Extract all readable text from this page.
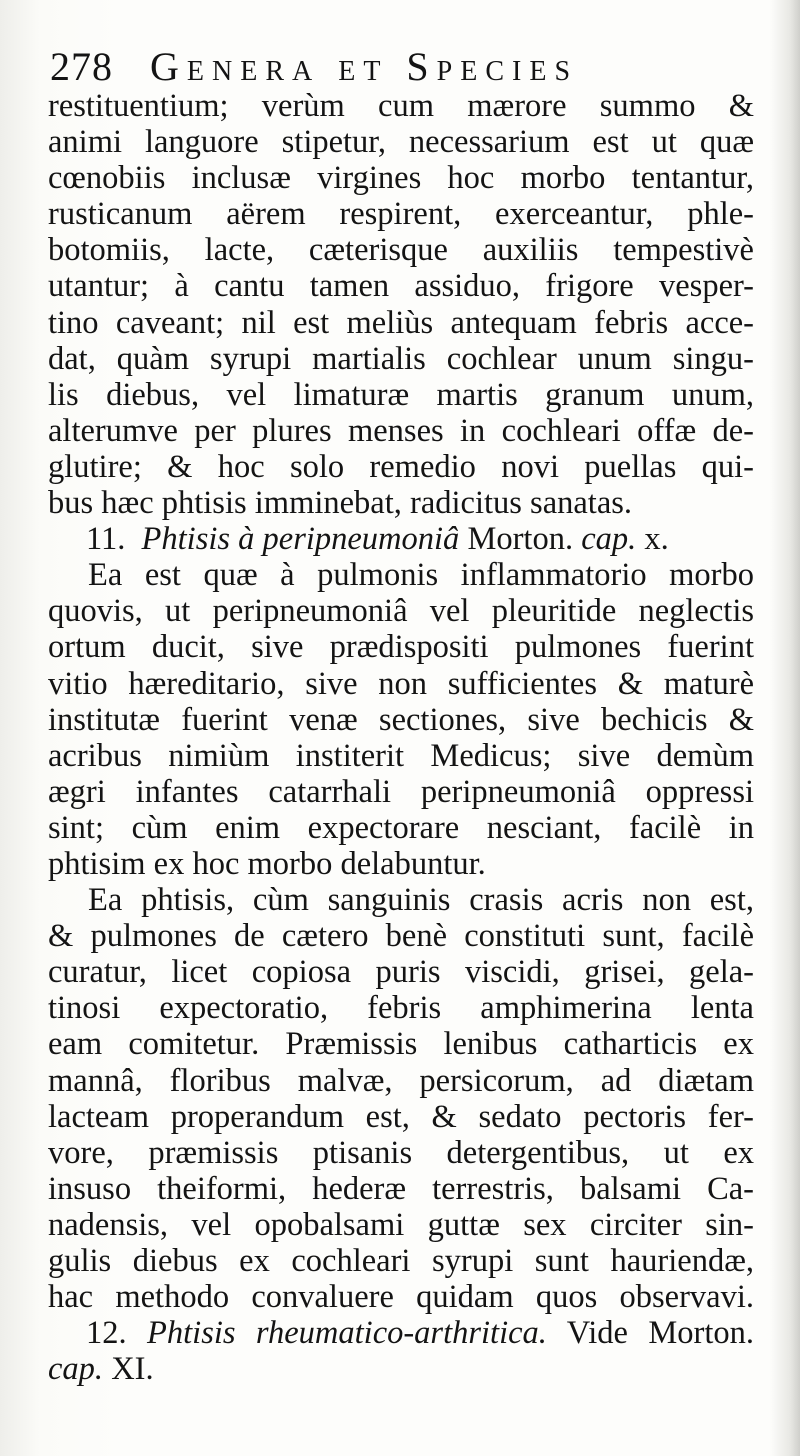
278 Genera et Species
restituentium; verùm cum mærore summo &
animi languore stipetur, necessarium est ut quæ
cœnobiis inclusæ virgines hoc morbo tentantur,
rusticanum aërem respirent, exerceantur, phle-
botomiis, lacte, cæterisque auxiliis tempestivè
utantur; à cantu tamen assiduo, frigore vesper-
tino caveant; nil est meliùs antequam febris acce-
dat, quàm syrupi martialis cochlear unum singu-
lis diebus, vel limaturæ martis granum unum,
alterumve per plures menses in cochleari offæ de-
glutire; & hoc solo remedio novi puellas qui-
bus hæc phtisis imminebat, radicitus sanatas.
11. Phtisis à peripneumoniâ Morton. cap. x.
Ea est quæ à pulmonis inflammatorio morbo
quovis, ut peripneumoniâ vel pleuritide neglectis
ortum ducit, sive prædispositi pulmones fuerint
vitio hæreditario, sive non sufficientes & maturè
institutæ fuerint venæ sectiones, sive bechicis &
acribus nimiùm institerit Medicus; sive demùm
ægri infantes catarrhali peripneumoniâ oppressi
sint; cùm enim expectorare nesciant, facilè in
phtisim ex hoc morbo delabuntur.
Ea phtisis, cùm sanguinis crasis acris non est,
& pulmones de cætero benè constituti sunt, facilè
curatur, licet copiosa puris viscidi, grisei, gela-
tinosi expectoratio, febris amphimerina lenta
eam comitetur. Præmissis lenibus catharticis ex
mannâ, floribus malvæ, persicorum, ad diætam
lacteam properandum est, & sedato pectoris fer-
vore, præmissis ptisanis detergentibus, ut ex
insuso theiformi, hederæ terrestris, balsami Ca-
nadensis, vel opobalsami guttæ sex circiter sin-
gulis diebus ex cochleari syrupi sunt hauriendæ,
hac methodo convaluere quidam quos observavi.
12. Phtisis rheumatico-arthritica. Vide Morton.
cap. XI.
